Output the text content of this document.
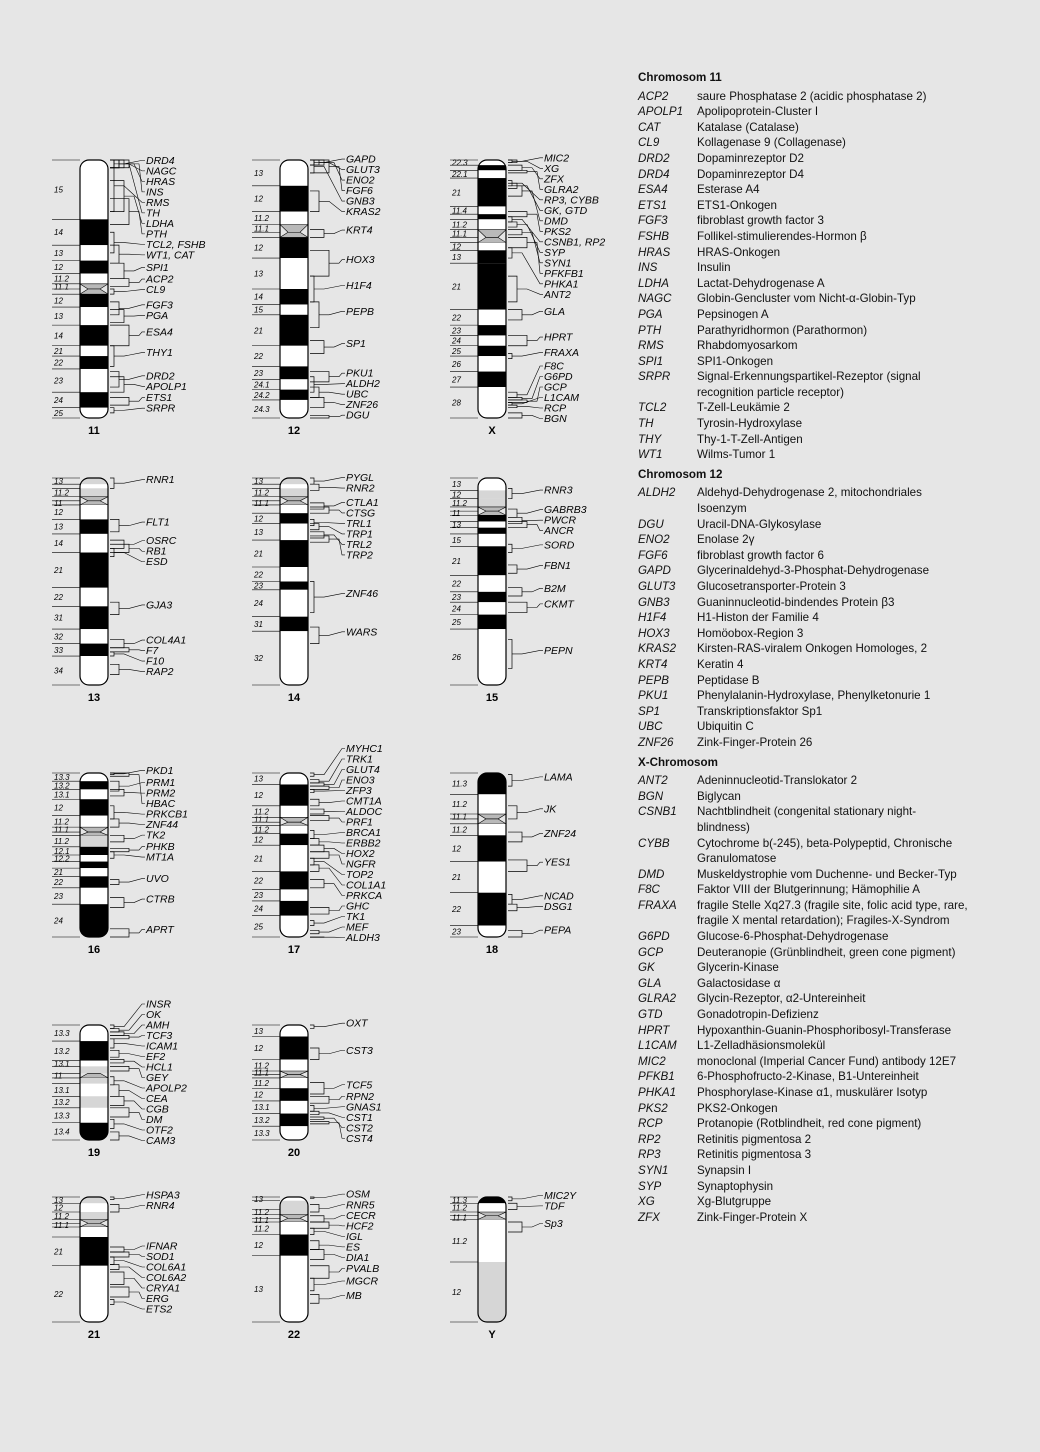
15
14
13
12
11.2
11.1
12
13
14
21
22
23
24
25
11
DRD4
NAGC
HRAS
INS
RMS
TH
LDHA
PTH
TCL2, FSHB
WT1, CAT
SPI1
ACP2
CL9
FGF3
PGA
ESA4
THY1
DRD2
APOLP1
ETS1
SRPR
13
12
11.2
11.1
12
13
14
15
21
22
23
24.1
24.2
24.3
12
GAPD
GLUT3
ENO2
FGF6
GNB3
KRAS2
KRT4
HOX3
H1F4
PEPB
SP1
PKU1
ALDH2
UBC
ZNF26
DGU
22.3
22.1
21
11.4
11.2
11.1
12
13
21
22
23
24
25
26
27
28
X
MIC2
XG
ZFX
GLRA2
RP3, CYBB
GK, GTD
DMD
PKS2
CSNB1, RP2
SYP
SYN1
PFKFB1
PHKA1
ANT2
GLA
HPRT
FRAXA
F8C
G6PD
GCP
L1CAM
RCP
BGN
13
11.2
11
12
13
14
21
22
31
32
33
34
13
RNR1
FLT1
OSRC
RB1
ESD
GJA3
COL4A1
F7
F10
RAP2
13
11.2
11.1
12
13
21
22
23
24
31
32
14
PYGL
RNR2
CTLA1
CTSG
TRL1
TRP1
TRL2
TRP2
ZNF46
WARS
13
12
11.2
11
13
15
21
22
23
24
25
26
15
RNR3
GABRB3
PWCR
ANCR
SORD
FBN1
B2M
CKMT
PEPN
13.3
13.2
13.1
12
11.2
11.1
11.2
12.1
12.2
21
22
23
24
16
PKD1
PRM1
PRM2
HBAC
PRKCB1
ZNF44
TK2
PHKB
MT1A
UVO
CTRB
APRT
13
12
11.2
11.1
11.2
12
21
22
23
24
25
17
MYHC1
TRK1
GLUT4
ENO3
ZFP3
CMT1A
ALDOC
PRF1
BRCA1
ERBB2
HOX2
NGFR
TOP2
COL1A1
PRKCA
GHC
TK1
MEF
ALDH3
11.3
11.2
11.1
11.2
12
21
22
23
18
LAMA
JK
ZNF24
YES1
NCAD
DSG1
PEPA
13.3
13.2
13.1
11
13.1
13.2
13.3
13.4
19
INSR
OK
AMH
TCF3
ICAM1
EF2
HCL1
GEY
APOLP2
CEA
CGB
DM
OTF2
CAM3
13
12
11.2
11.1
11.2
12
13.1
13.2
13.3
20
OXT
CST3
TCF5
RPN2
GNAS1
CST1
CST2
CST4
13
12
11.2
11.1
21
22
21
HSPA3
RNR4
IFNAR
SOD1
COL6A1
COL6A2
CRYA1
ERG
ETS2
13
11.2
11.1
11.2
12
13
22
OSM
RNR5
CECR
HCF2
IGL
ES
DIA1
PVALB
MGCR
MB
11.3
11.2
11.1
11.2
12
Y
MIC2Y
TDF
Sp3
Chromosom 11
ACP2	saure Phosphatase 2 (acidic phosphatase 2)
APOLP1	Apolipoprotein-Cluster I
CAT	Katalase (Catalase)
CL9	Kollagenase 9 (Collagenase)
DRD2	Dopaminrezeptor D2
DRD4	Dopaminrezeptor D4
ESA4	Esterase A4
ETS1	ETS1-Onkogen
FGF3	fibroblast growth factor 3
FSHB	Follikel-stimulierendes-Hormon β
HRAS	HRAS-Onkogen
INS	Insulin
LDHA	Lactat-Dehydrogenase A
NAGC	Globin-Gencluster vom Nicht-α-Globin-Typ
PGA	Pepsinogen A
PTH	Parathyridhormon (Parathormon)
RMS	Rhabdomyosarkom
SPI1	SPI1-Onkogen
SRPR	Signal-Erkennungspartikel-Rezeptor (signal recognition particle receptor)
TCL2	T-Zell-Leukämie 2
TH	Tyrosin-Hydroxylase
THY	Thy-1-T-Zell-Antigen
WT1	Wilms-Tumor 1
Chromosom 12
ALDH2	Aldehyd-Dehydrogenase 2, mitochondriales Isoenzym
DGU	Uracil-DNA-Glykosylase
ENO2	Enolase 2γ
FGF6	fibroblast growth factor 6
GAPD	Glycerinaldehyd-3-Phosphat-Dehydrogenase
GLUT3	Glucosetransporter-Protein 3
GNB3	Guaninnucleotid-bindendes Protein β3
H1F4	H1-Histon der Familie 4
HOX3	Homöobox-Region 3
KRAS2	Kirsten-RAS-viralem Onkogen Homologes, 2
KRT4	Keratin 4
PEPB	Peptidase B
PKU1	Phenylalanin-Hydroxylase, Phenylketonurie 1
SP1	Transkriptionsfaktor Sp1
UBC	Ubiquitin C
ZNF26	Zink-Finger-Protein 26
X-Chromosom
ANT2	Adeninnucleotid-Translokator 2
BGN	Biglycan
CSNB1	Nachtblindheit (congenital stationary night-blindness)
CYBB	Cytochrome b(-245), beta-Polypeptid, Chronische Granulomatose
DMD	Muskeldystrophie vom Duchenne- und Becker-Typ
F8C	Faktor VIII der Blutgerinnung; Hämophilie A
FRAXA	fragile Stelle Xq27.3 (fragile site, folic acid type, rare, fragile X mental retardation); Fragiles-X-Syndrom
G6PD	Glucose-6-Phosphat-Dehydrogenase
GCP	Deuteranopie (Grünblindheit, green cone pigment)
GK	Glycerin-Kinase
GLA	Galactosidase α
GLRA2	Glycin-Rezeptor, α2-Untereinheit
GTD	Gonadotropin-Defizienz
HPRT	Hypoxanthin-Guanin-Phosphoribosyl-Transferase
L1CAM	L1-Zelladhäsionsmolekül
MIC2	monoclonal (Imperial Cancer Fund) antibody 12E7
PFKB1	6-Phosphofructo-2-Kinase, B1-Untereinheit
PHKA1	Phosphorylase-Kinase α1, muskulärer Isotyp
PKS2	PKS2-Onkogen
RCP	Protanopie (Rotblindheit, red cone pigment)
RP2	Retinitis pigmentosa 2
RP3	Retinitis pigmentosa 3
SYN1	Synapsin I
SYP	Synaptophysin
XG	Xg-Blutgruppe
ZFX	Zink-Finger-Protein X
